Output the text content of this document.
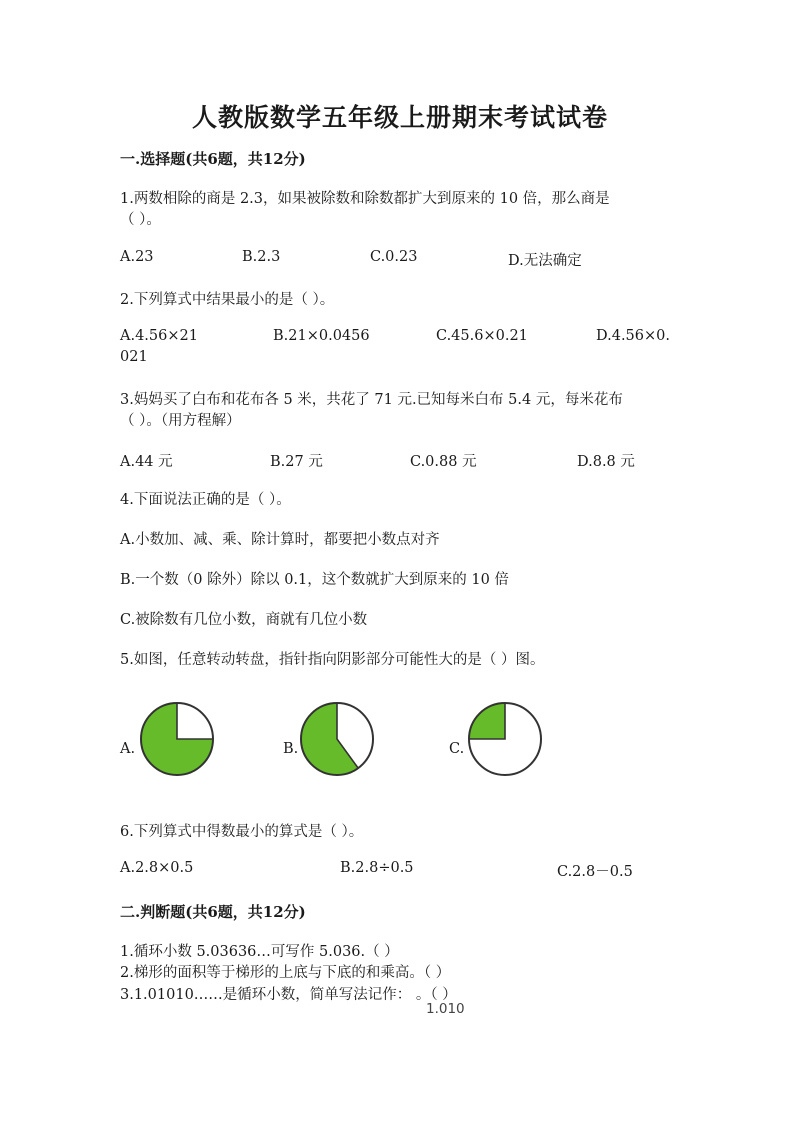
人教版数学五年级上册期末考试试卷
一.选择题(共6题，共12分)
1.两数相除的商是 2.3，如果被除数和除数都扩大到原来的 10 倍，那么商是
（ ）。
A.23	B.2.3	C.0.23	D.无法确定
2.下列算式中结果最小的是（ ）。
A.4.56×21	B.21×0.0456	C.45.6×0.21	D.4.56×0.
021
3.妈妈买了白布和花布各 5 米，共花了 71 元.已知每米白布 5.4 元，每米花布
（ ）。（用方程解）
A.44 元	B.27 元	C.0.88 元	D.8.8 元
4.下面说法正确的是（ ）。
A.小数加、减、乘、除计算时，都要把小数点对齐
B.一个数（0 除外）除以 0.1，这个数就扩大到原来的 10 倍
C.被除数有几位小数，商就有几位小数
5.如图，任意转动转盘，指针指向阴影部分可能性大的是（ ）图。
A.	B.	C.
6.下列算式中得数最小的算式是（ ）。
A.2.8×0.5	B.2.8÷0.5	C.2.8－0.5
二.判断题(共6题，共12分)
1.循环小数 5.03636…可写作 5.036.（ ）
2.梯形的面积等于梯形的上底与下底的和乘高。（ ）
3.1.01010……是循环小数，简单写法记作： 。（ ）
1.010
